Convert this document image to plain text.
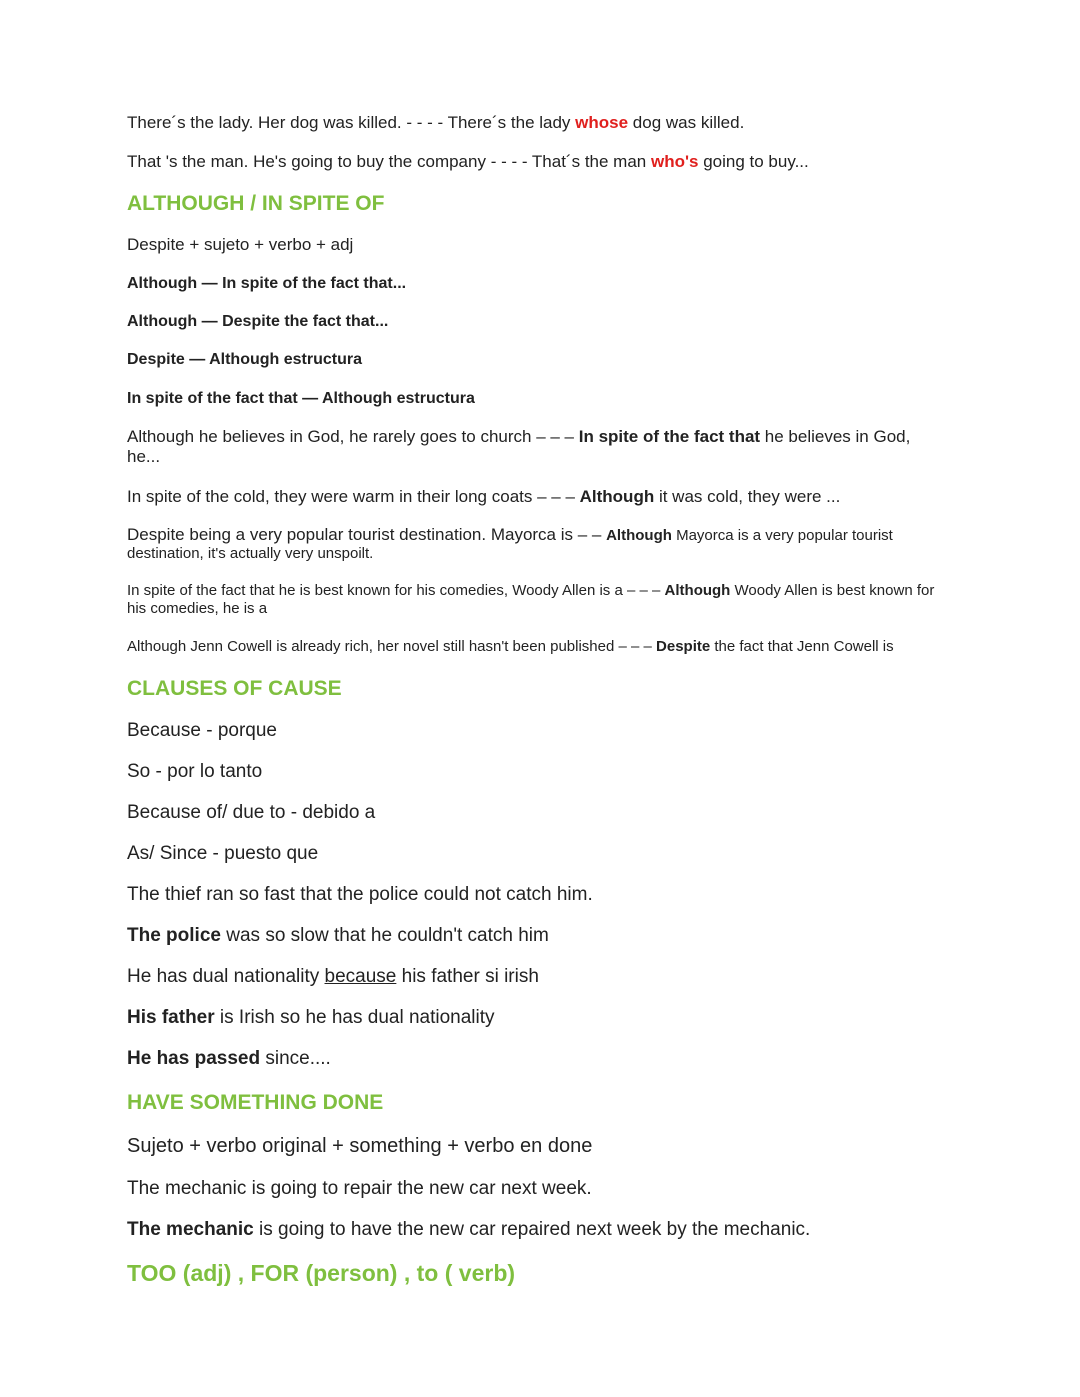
There´s the lady. Her dog was killed. - - - - There´s the lady whose dog was killed.
That 's the man. He's going to buy the company - - - - That´s the man who's going to buy...
ALTHOUGH / IN SPITE OF
Despite + sujeto + verbo + adj
Although — In spite of the fact that...
Although — Despite the fact that...
Despite — Although estructura
In spite of the fact that — Although estructura
Although he believes in God, he rarely goes to church – – – In spite of the fact that he believes in God, he...
In spite of the cold, they were warm in their long coats – – – Although it was cold, they were ...
Despite being a very popular tourist destination. Mayorca is – – Although Mayorca is a very popular tourist destination, it's actually very unspoilt.
In spite of the fact that he is best known for his comedies, Woody Allen is a – – – Although Woody Allen is best known for his comedies, he is a
Although Jenn Cowell is already rich, her novel still hasn't been published – – – Despite the fact that Jenn Cowell is
CLAUSES OF CAUSE
Because - porque
So - por lo tanto
Because of/ due to - debido a
As/ Since - puesto que
The thief ran so fast that the police could not catch him.
The police was so slow that he couldn't catch him
He has dual nationality because his father si irish
His father is Irish so he has dual nationality
He has passed since....
HAVE SOMETHING DONE
Sujeto + verbo original + something + verbo en done
The mechanic is going to repair the new car next week.
The mechanic is going to have the new car repaired next week by the mechanic.
TOO (adj) , FOR (person) , to ( verb)
